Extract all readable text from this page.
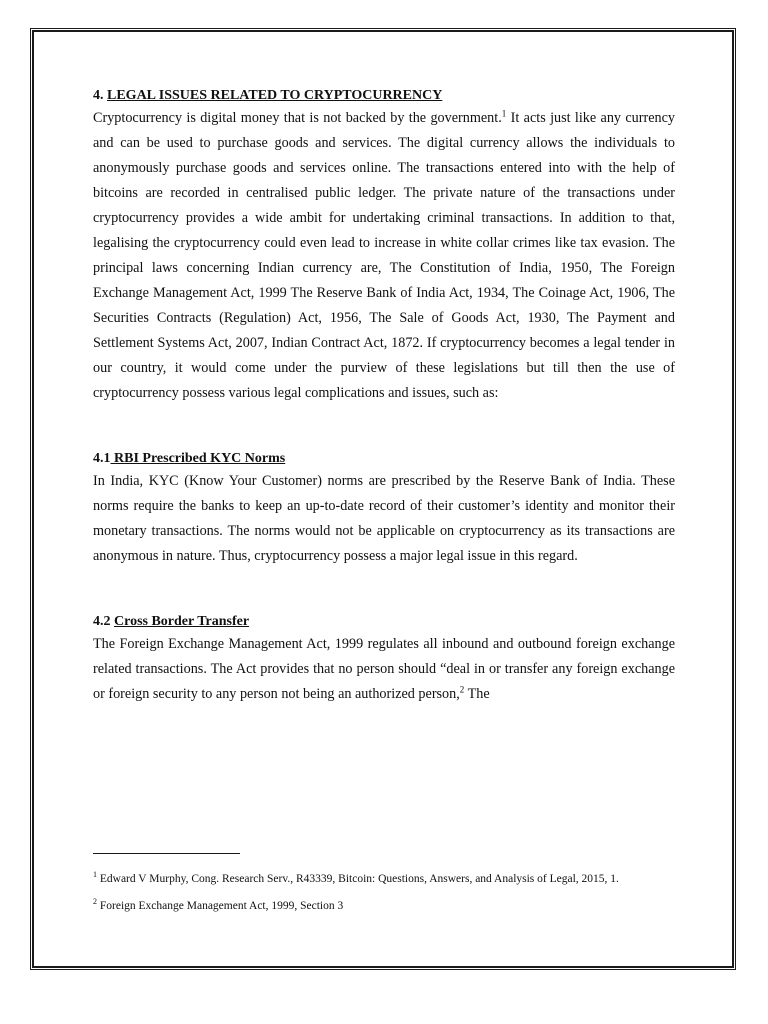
4. LEGAL ISSUES RELATED TO CRYPTOCURRENCY

Cryptocurrency is digital money that is not backed by the government.$^1$ It acts just like any currency and can be used to purchase goods and services. The digital currency allows the individuals to anonymously purchase goods and services online. The transactions entered into with the help of bitcoins are recorded in centralised public ledger. The private nature of the transactions under cryptocurrency provides a wide ambit for undertaking criminal transactions. In addition to that, legalising the cryptocurrency could even lead to increase in white collar crimes like tax evasion. The principal laws concerning Indian currency are, The Constitution of India, 1950, The Foreign Exchange Management Act, 1999 The Reserve Bank of India Act, 1934, The Coinage Act, 1906, The Securities Contracts (Regulation) Act, 1956, The Sale of Goods Act, 1930, The Payment and Settlement Systems Act, 2007, Indian Contract Act, 1872. If cryptocurrency becomes a legal tender in our country, it would come under the purview of these legislations but till then the use of cryptocurrency possess various legal complications and issues, such as:

4.1 RBI Prescribed KYC Norms

In India, KYC (Know Your Customer) norms are prescribed by the Reserve Bank of India. These norms require the banks to keep an up-to-date record of their customer’s identity and monitor their monetary transactions. The norms would not be applicable on cryptocurrency as its transactions are anonymous in nature. Thus, cryptocurrency possess a major legal issue in this regard.

4.2 Cross Border Transfer

The Foreign Exchange Management Act, 1999 regulates all inbound and outbound foreign exchange related transactions. The Act provides that no person should “deal in or transfer any foreign exchange or foreign security to any person not being an authorized person,$^2$ The

$^1$ Edward V Murphy, Cong. Research Serv., R43339, Bitcoin: Questions, Answers, and Analysis of Legal, 2015, 1.

$^2$ Foreign Exchange Management Act, 1999, Section 3
